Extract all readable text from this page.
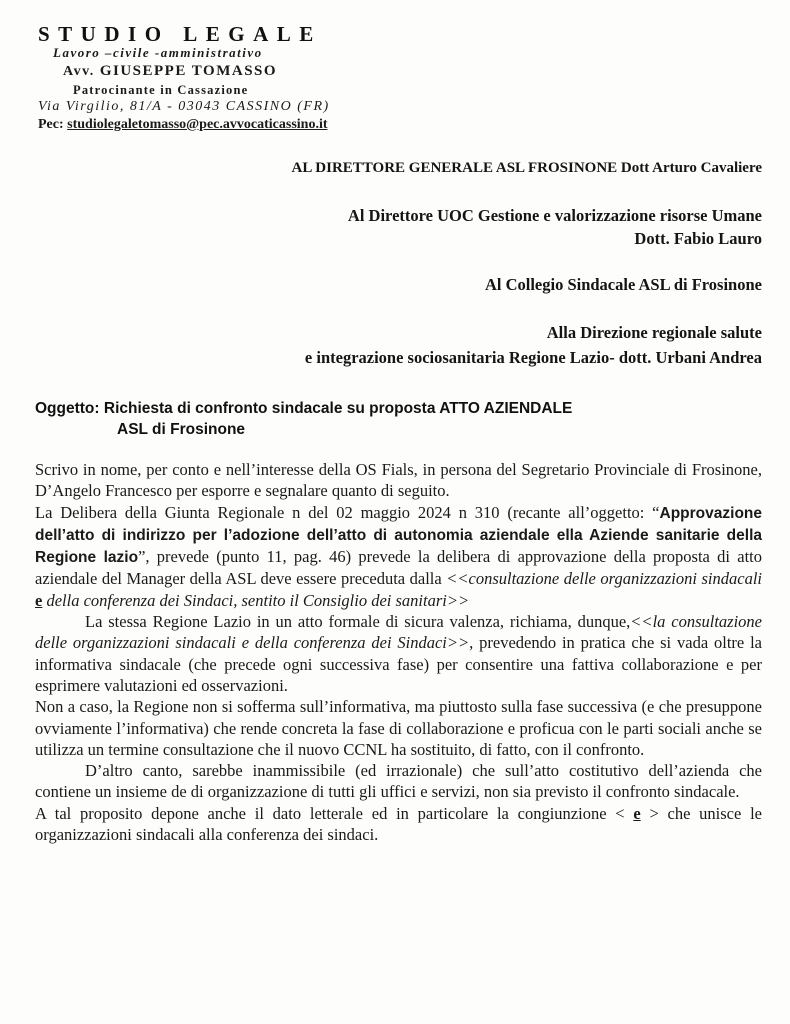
STUDIO LEGALE
Lavoro –civile -amministrativo
Avv. GIUSEPPE TOMASSO
Patrocinante in Cassazione
Via Virgilio, 81/A - 03043 CASSINO (FR)
Pec: studiolegaletomasso@pec.avvocaticassino.it
AL DIRETTORE GENERALE ASL FROSINONE Dott Arturo Cavaliere
Al Direttore UOC Gestione e valorizzazione risorse Umane
Dott. Fabio Lauro
Al Collegio Sindacale ASL di Frosinone
Alla Direzione regionale salute
e integrazione sociosanitaria Regione Lazio- dott. Urbani Andrea
Oggetto: Richiesta di confronto sindacale su proposta ATTO AZIENDALE
ASL di Frosinone

Scrivo in nome, per conto e nell’interesse della OS Fials, in persona del Segretario Provinciale di Frosinone, D’Angelo Francesco per esporre e segnalare quanto di seguito.

La Delibera della Giunta Regionale n del 02 maggio 2024 n 310 (recante all’oggetto: “Approvazione dell’atto di indirizzo per l’adozione dell’atto di autonomia aziendale ella Aziende sanitarie della Regione lazio”, prevede (punto 11, pag. 46) prevede la delibera di approvazione della proposta di atto aziendale del Manager della ASL deve essere preceduta dalla <<consultazione delle organizzazioni sindacali e della conferenza dei Sindaci, sentito il Consiglio dei sanitari>>

La stessa Regione Lazio in un atto formale di sicura valenza, richiama, dunque,<<la consultazione delle organizzazioni sindacali e della conferenza dei Sindaci>>, prevedendo in pratica che si vada oltre la informativa sindacale (che precede ogni successiva fase) per consentire una fattiva collaborazione e per esprimere valutazioni ed osservazioni.

Non a caso, la Regione non si sofferma sull’informativa, ma piuttosto sulla fase successiva (e che presuppone ovviamente l’informativa) che rende concreta la fase di collaborazione e proficua con le parti sociali anche se utilizza un termine consultazione che il nuovo CCNL ha sostituito, di fatto, con il confronto.

D’altro canto, sarebbe inammissibile (ed irrazionale) che sull’atto costitutivo dell’azienda che contiene un insieme de di organizzazione di tutti gli uffici e servizi, non sia previsto il confronto sindacale.

A tal proposito depone anche il dato letterale ed in particolare la congiunzione < e > che unisce le organizzazioni sindacali alla conferenza dei sindaci.
